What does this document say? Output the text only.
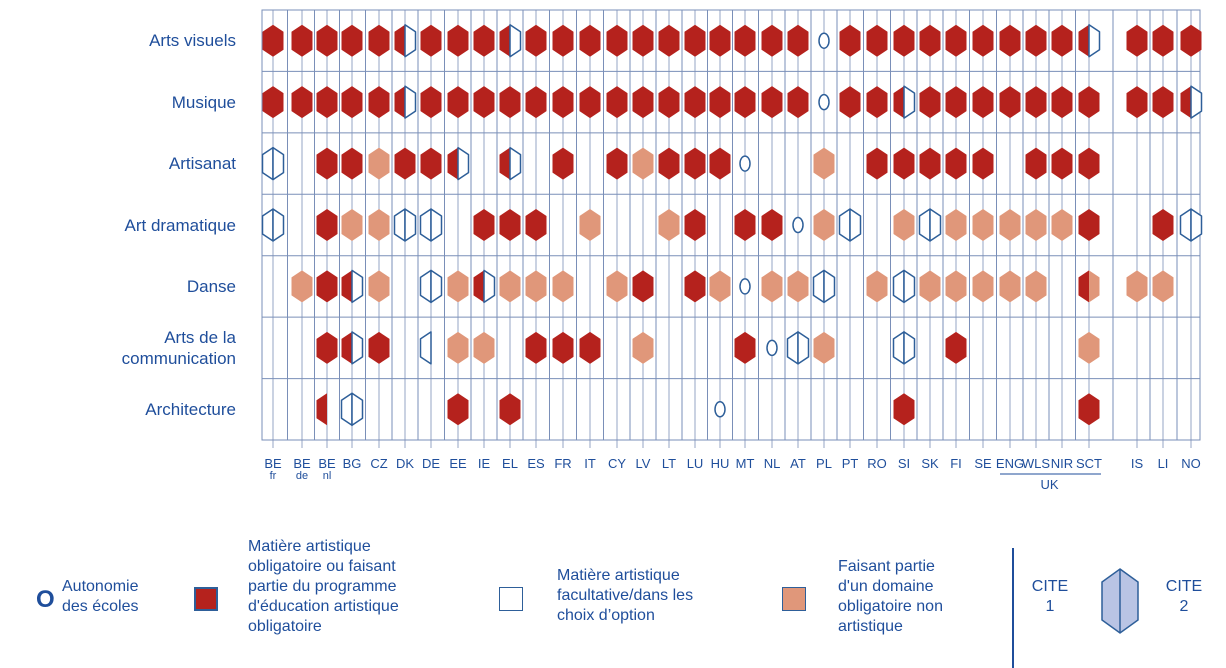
BE
fr
BE
de
BE
nl
BG CZ DK DE EE IE EL ES FR IT CY LV LT LU HU MT NL AT PL PT RO SI SK FI SE ENG
WLS NIR SCT IS LI NO
UK
Arts visuels
Musique
Artisanat
Art dramatique
Danse
Arts de la
communication
Architecture
O Autonomie
des écoles
Matière artistique
obligatoire ou faisant
partie du programme
d'éducation artistique
obligatoire
Matière artistique
facultative/dans les
choix d’option
Faisant partie
d'un domaine
obligatoire non
artistique
CITE
1
CITE
2
